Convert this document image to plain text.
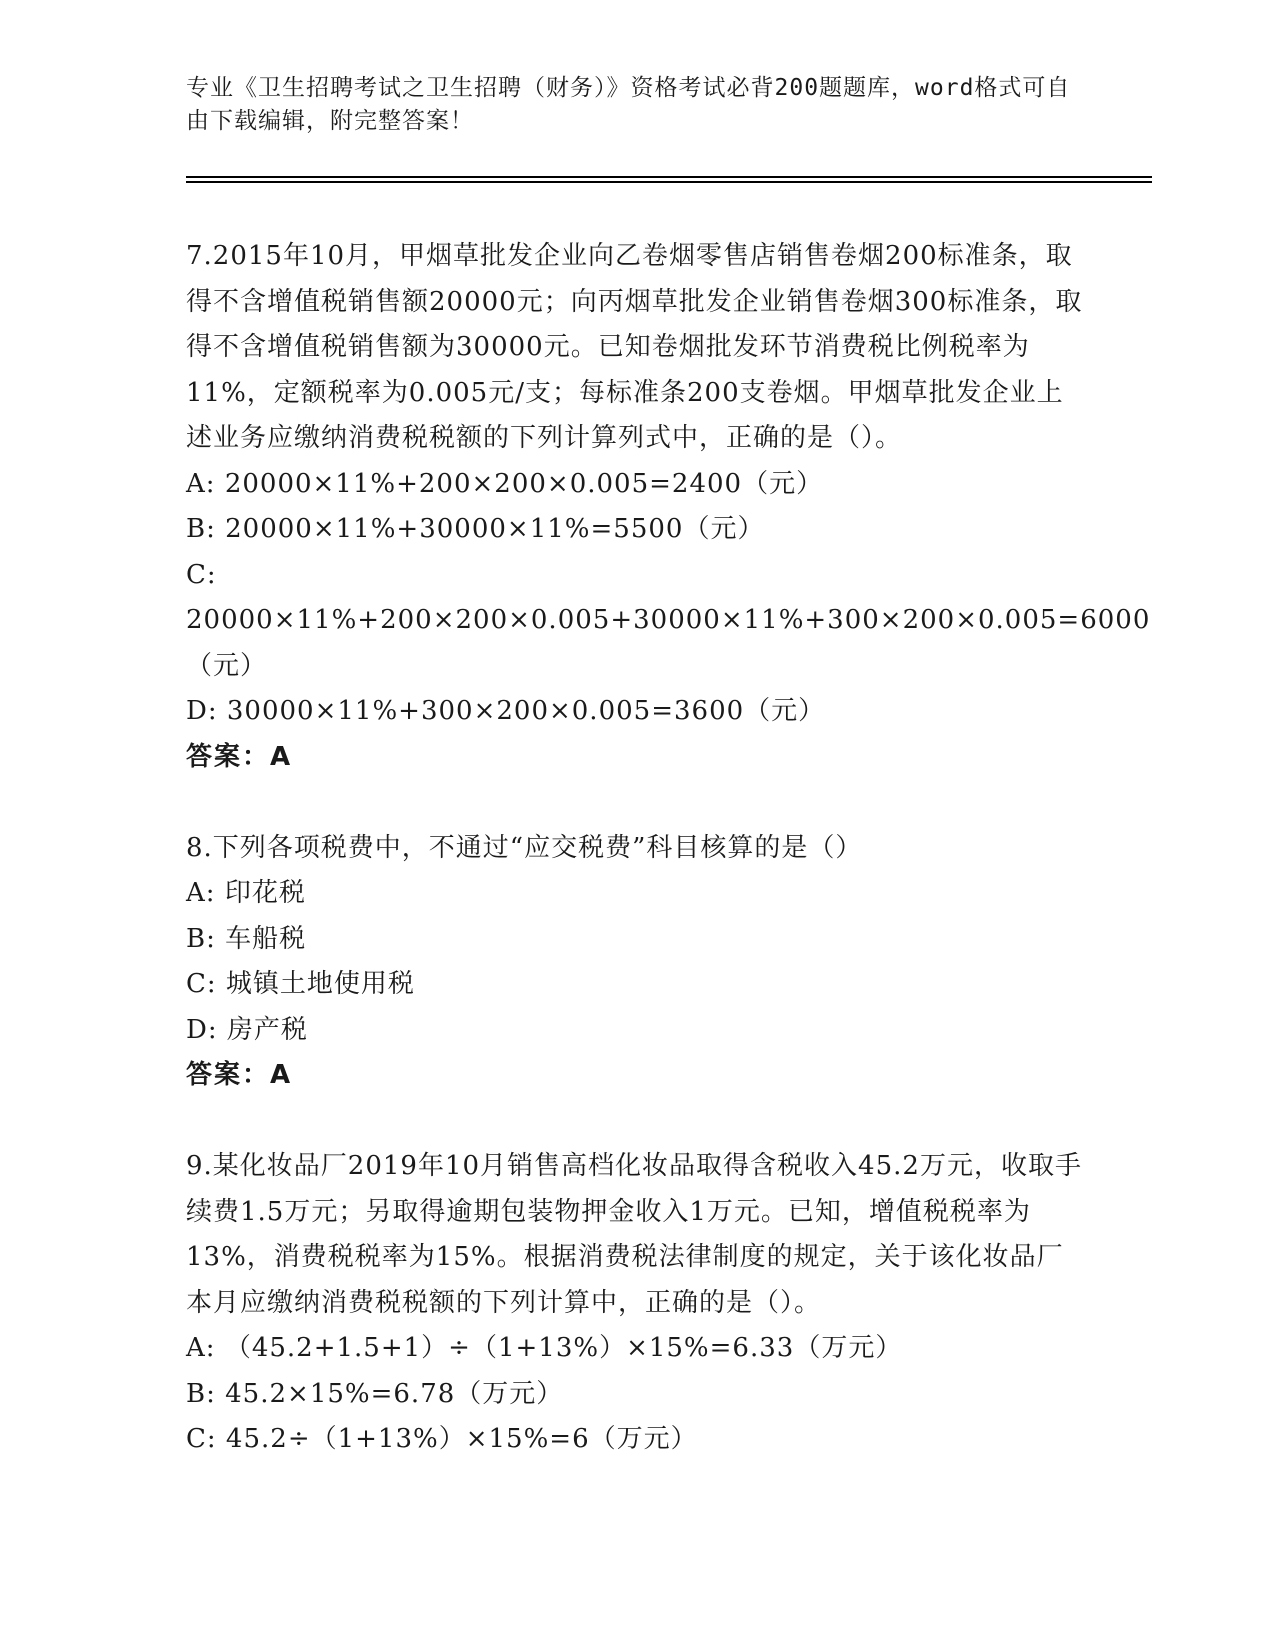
专业《卫生招聘考试之卫生招聘（财务）》资格考试必背200题题库，word格式可自由下载编辑，附完整答案！
7.2015年10月，甲烟草批发企业向乙卷烟零售店销售卷烟200标准条，取得不含增值税销售额20000元；向丙烟草批发企业销售卷烟300标准条，取得不含增值税销售额为30000元。已知卷烟批发环节消费税比例税率为11%，定额税率为0.005元/支；每标准条200支卷烟。甲烟草批发企业上述业务应缴纳消费税税额的下列计算列式中，正确的是（）。
A: 20000×11%+200×200×0.005=2400（元）
B: 20000×11%+30000×11%=5500（元）
C: 20000×11%+200×200×0.005+30000×11%+300×200×0.005=6000（元）
D: 30000×11%+300×200×0.005=3600（元）
答案：A
8.下列各项税费中，不通过“应交税费”科目核算的是（）
A: 印花税
B: 车船税
C: 城镇土地使用税
D: 房产税
答案：A
9.某化妆品厂2019年10月销售高档化妆品取得含税收入45.2万元，收取手续费1.5万元；另取得逾期包装物押金收入1万元。已知，增值税税率为13%，消费税税率为15%。根据消费税法律制度的规定，关于该化妆品厂本月应缴纳消费税税额的下列计算中，正确的是（）。
A: （45.2+1.5+1）÷（1+13%）×15%=6.33（万元）
B: 45.2×15%=6.78（万元）
C: 45.2÷（1+13%）×15%=6（万元）
